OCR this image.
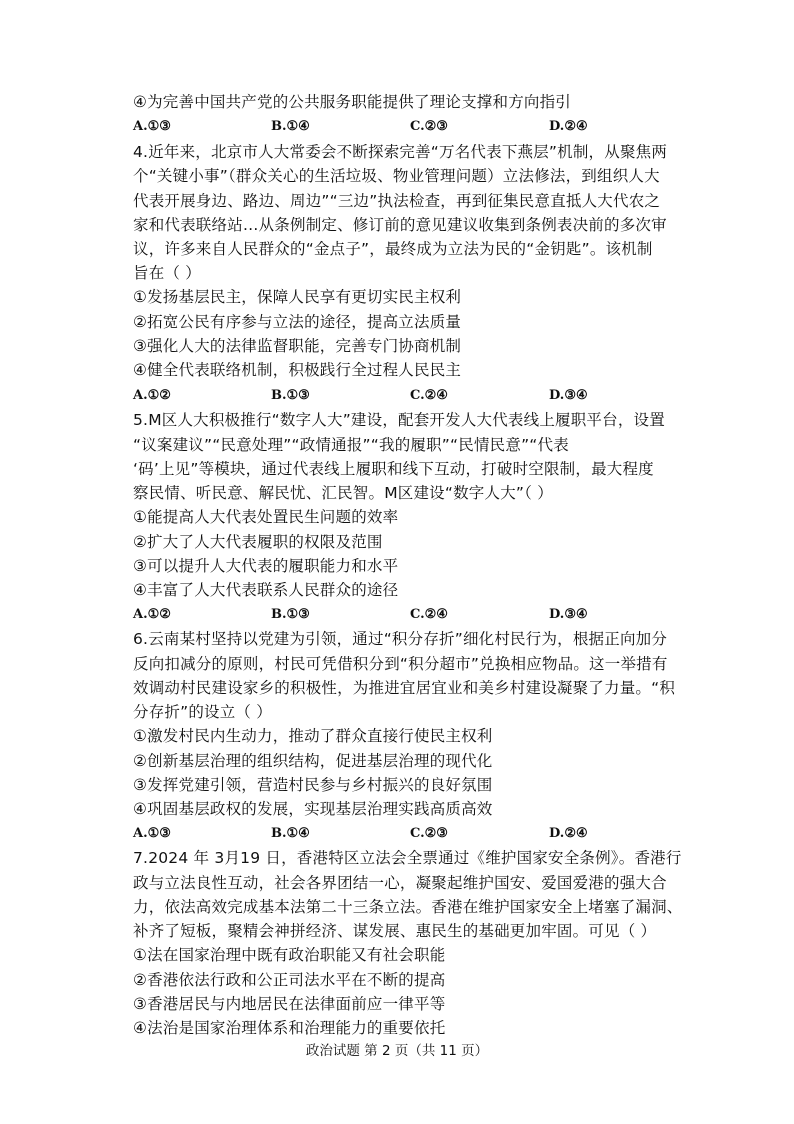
④为完善中国共产党的公共服务职能提供了理论支撑和方向指引
A.①③	B.①④	C.②③	D.②④
4.近年来，北京市人大常委会不断探索完善“万名代表下燕层”机制，从聚焦两
个“关键小事”（群众关心的生活垃圾、物业管理问题）立法修法，到组织人大
代表开展身边、路边、周边”“三边”执法检查，再到征集民意直抵人大代农之
家和代表联络站…从条例制定、修订前的意见建议收集到条例表决前的多次审
议，许多来自人民群众的“金点子”，最终成为立法为民的“金钥匙”。该机制
旨在（ ）
①发扬基层民主，保障人民享有更切实民主权利
②拓宽公民有序参与立法的途径，提高立法质量
③强化人大的法律监督职能，完善专门协商机制
④健全代表联络机制，积极践行全过程人民民主
A.①②	B.①③	C.②④	D.③④
5.M区人大积极推行“数字人大”建设，配套开发人大代表线上履职平台，设置
“议案建议”“民意处理”“政情通报”“我的履职”“民情民意”“代表
‘码’上见”等模块，通过代表线上履职和线下互动，打破时空限制，最大程度
察民情、听民意、解民忧、汇民智。M区建设“数字人大”（ ）
①能提高人大代表处置民生问题的效率
②扩大了人大代表履职的权限及范围
③可以提升人大代表的履职能力和水平
④丰富了人大代表联系人民群众的途径
A.①②	B.①③	C.②④	D.③④
6.云南某村坚持以党建为引领，通过“积分存折”细化村民行为，根据正向加分
反向扣减分的原则，村民可凭借积分到“积分超市”兑换相应物品。这一举措有
效调动村民建设家乡的积极性，为推进宜居宜业和美乡村建设凝聚了力量。“积
分存折”的设立（ ）
①激发村民内生动力，推动了群众直接行使民主权利
②创新基层治理的组织结构，促进基层治理的现代化
③发挥党建引领，营造村民参与乡村振兴的良好氛围
④巩固基层政权的发展，实现基层治理实践高质高效
A.①③	B.①④	C.②③	D.②④
7.2024 年 3月19 日，香港特区立法会全票通过《维护国家安全条例》。香港行
政与立法良性互动，社会各界团结一心，凝聚起维护国安、爱国爱港的强大合
力，依法高效完成基本法第二十三条立法。香港在维护国家安全上堵塞了漏洞、
补齐了短板，聚精会神拼经济、谋发展、惠民生的基础更加牢固。可见（ ）
①法在国家治理中既有政治职能又有社会职能
②香港依法行政和公正司法水平在不断的提高
③香港居民与内地居民在法律面前应一律平等
④法治是国家治理体系和治理能力的重要依托
政治试题 第 2 页（共 11 页）
